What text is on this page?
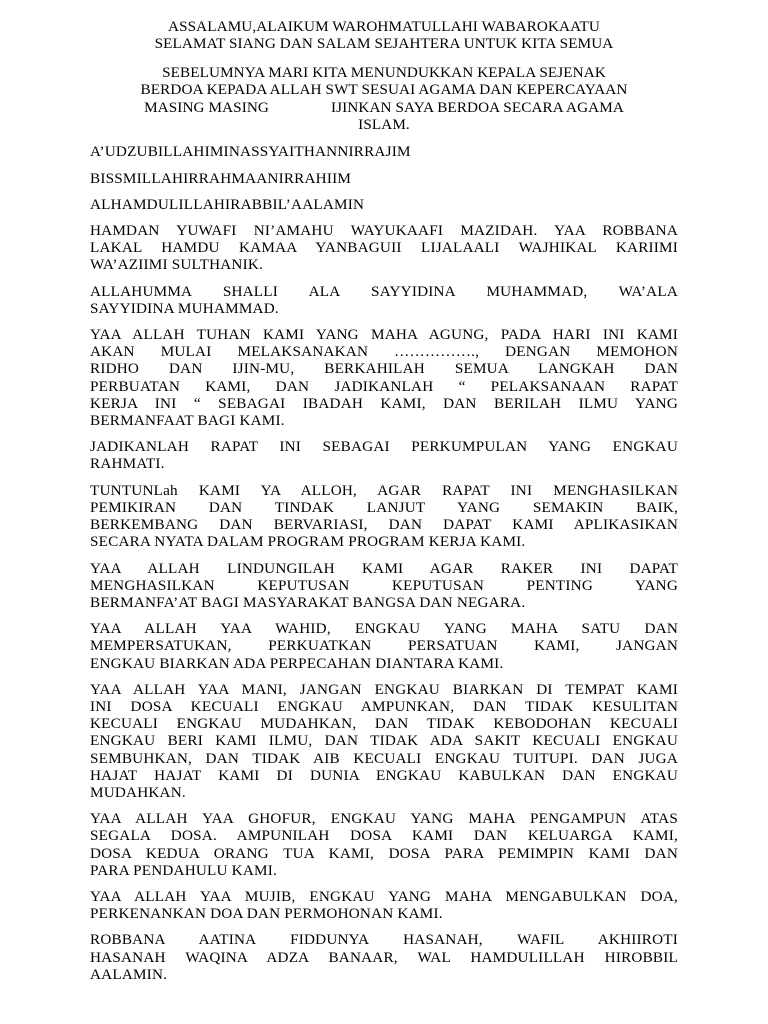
ASSALAMU,ALAIKUM WAROHMATULLAHI WABAROKAATU
SELAMAT SIANG DAN SALAM SEJAHTERA UNTUK KITA SEMUA
SEBELUMNYA MARI KITA MENUNDUKKAN KEPALA SEJENAK
BERDOA KEPADA ALLAH SWT SESUAI AGAMA DAN KEPERCAYAAN
MASING MASING	IJINKAN SAYA BERDOA SECARA AGAMA
ISLAM.
A’UDZUBILLAHIMINASSYAITHANNIRRAJIM
BISSMILLAHIRRAHMAANIRRAHIIM
ALHAMDULILLAHIRABBIL’AALAMIN
HAMDAN YUWAFI NI’AMAHU WAYUKAAFI MAZIDAH. YAA ROBBANA
LAKAL HAMDU KAMAA YANBAGUII LIJALAALI WAJHIKAL KARIIMI
WA’AZIIMI SULTHANIK.
ALLAHUMMA SHALLI ALA SAYYIDINA MUHAMMAD, WA’ALA
SAYYIDINA MUHAMMAD.
YAA ALLAH TUHAN KAMI YANG MAHA AGUNG, PADA HARI INI KAMI
AKAN MULAI MELAKSANAKAN ……………., DENGAN MEMOHON
RIDHO DAN IJIN-MU, BERKAHILAH SEMUA LANGKAH DAN
PERBUATAN KAMI, DAN JADIKANLAH “ PELAKSANAAN RAPAT
KERJA INI “ SEBAGAI IBADAH KAMI, DAN BERILAH ILMU YANG
BERMANFAAT BAGI KAMI.
JADIKANLAH RAPAT INI SEBAGAI PERKUMPULAN YANG ENGKAU
RAHMATI.
TUNTUNLah KAMI YA ALLOH, AGAR RAPAT INI MENGHASILKAN
PEMIKIRAN DAN TINDAK LANJUT YANG SEMAKIN BAIK,
BERKEMBANG DAN BERVARIASI, DAN DAPAT KAMI APLIKASIKAN
SECARA NYATA DALAM PROGRAM PROGRAM KERJA KAMI.
YAA ALLAH LINDUNGILAH KAMI AGAR RAKER INI DAPAT
MENGHASILKAN KEPUTUSAN KEPUTUSAN PENTING YANG
BERMANFA’AT BAGI MASYARAKAT BANGSA DAN NEGARA.
YAA ALLAH YAA WAHID, ENGKAU YANG MAHA SATU DAN
MEMPERSATUKAN, PERKUATKAN PERSATUAN KAMI, JANGAN
ENGKAU BIARKAN ADA PERPECAHAN DIANTARA KAMI.
YAA ALLAH YAA MANI, JANGAN ENGKAU BIARKAN DI TEMPAT KAMI
INI DOSA KECUALI ENGKAU AMPUNKAN, DAN TIDAK KESULITAN
KECUALI ENGKAU MUDAHKAN, DAN TIDAK KEBODOHAN KECUALI
ENGKAU BERI KAMI ILMU, DAN TIDAK ADA SAKIT KECUALI ENGKAU
SEMBUHKAN, DAN TIDAK AIB KECUALI ENGKAU TUITUPI. DAN JUGA
HAJAT HAJAT KAMI DI DUNIA ENGKAU KABULKAN DAN ENGKAU
MUDAHKAN.
YAA ALLAH YAA GHOFUR, ENGKAU YANG MAHA PENGAMPUN ATAS
SEGALA DOSA. AMPUNILAH DOSA KAMI DAN KELUARGA KAMI,
DOSA KEDUA ORANG TUA KAMI, DOSA PARA PEMIMPIN KAMI DAN
PARA PENDAHULU KAMI.
YAA ALLAH YAA MUJIB, ENGKAU YANG MAHA MENGABULKAN DOA,
PERKENANKAN DOA DAN PERMOHONAN KAMI.
ROBBANA AATINA FIDDUNYA HASANAH, WAFIL AKHIIROTI
HASANAH WAQINA ADZA BANAAR, WAL HAMDULILLAH HIROBBIL
AALAMIN.
